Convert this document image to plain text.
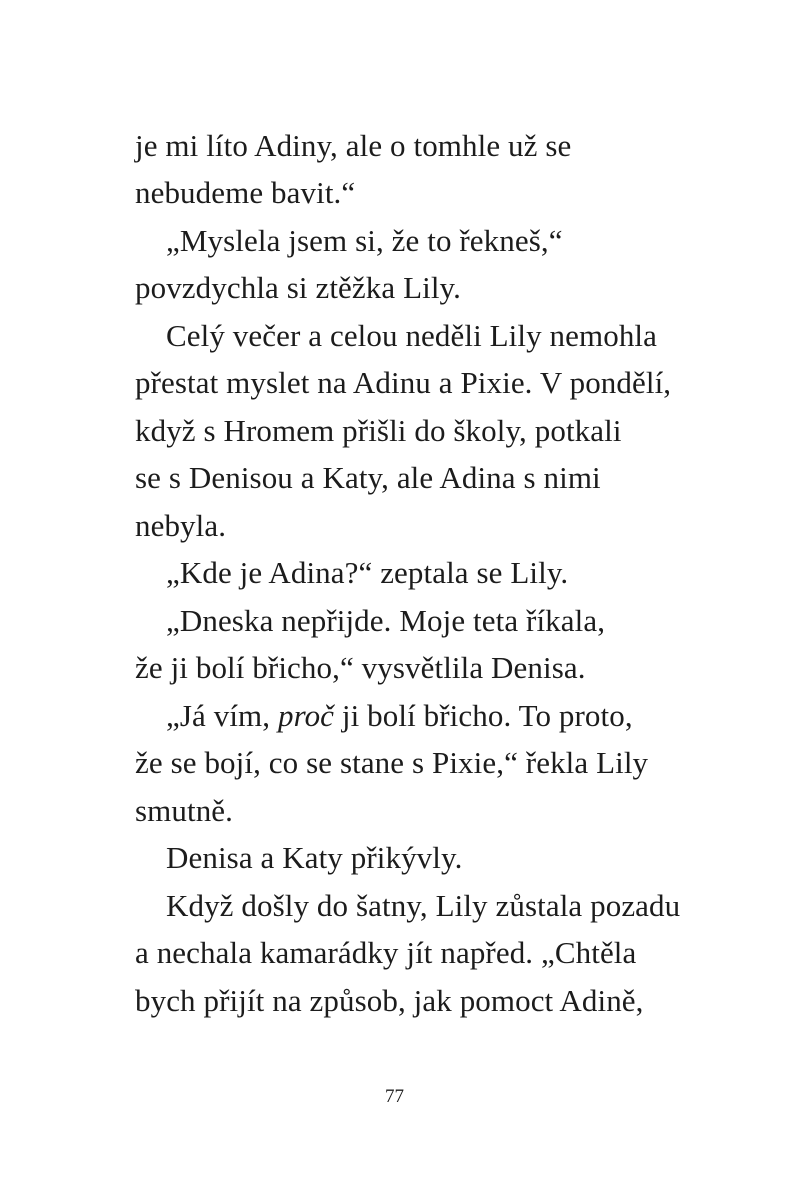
je mi líto Adiny, ale o tomhle už se
nebudeme bavit.“
„Myslela jsem si, že to řekneš,“
povzdychla si ztěžka Lily.
Celý večer a celou neděli Lily nemohla
přestat myslet na Adinu a Pixie. V pondělí,
když s Hromem přišli do školy, potkali
se s Denisou a Katy, ale Adina s nimi
nebyla.
„Kde je Adina?“ zeptala se Lily.
„Dneska nepřijde. Moje teta říkala,
že ji bolí břicho,“ vysvětlila Denisa.
„Já vím, proč ji bolí břicho. To proto,
že se bojí, co se stane s Pixie,“ řekla Lily
smutně.
Denisa a Katy přikývly.
Když došly do šatny, Lily zůstala pozadu
a nechala kamarádky jít napřed. „Chtěla
bych přijít na způsob, jak pomoct Adině,
77
